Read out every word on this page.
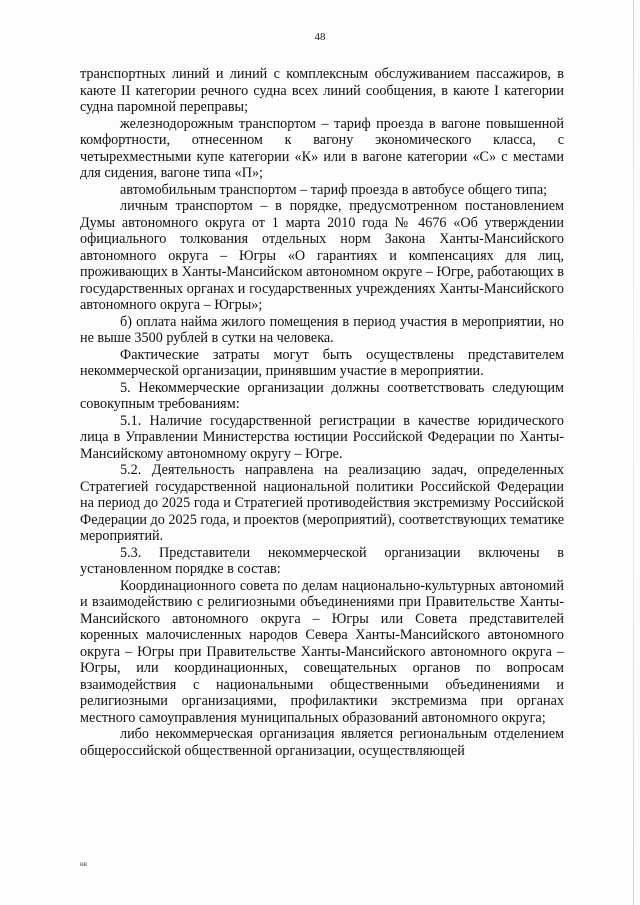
48

транспортных линий и линий с комплексным обслуживанием пассажиров, в каюте II категории речного судна всех линий сообщения, в каюте I категории судна паромной переправы;

железнодорожным транспортом – тариф проезда в вагоне повышенной комфортности, отнесенном к вагону экономического класса, с четырехместными купе категории «К» или в вагоне категории «С» с местами для сидения, вагоне типа «П»;

автомобильным транспортом – тариф проезда в автобусе общего типа;

личным транспортом – в порядке, предусмотренном постановлением Думы автономного округа от 1 марта 2010 года № 4676 «Об утверждении официального толкования отдельных норм Закона Ханты-Мансийского автономного округа – Югры «О гарантиях и компенсациях для лиц, проживающих в Ханты-Мансийском автономном округе – Югре, работающих в государственных органах и государственных учреждениях Ханты-Мансийского автономного округа – Югры»;

б) оплата найма жилого помещения в период участия в мероприятии, но не выше 3500 рублей в сутки на человека.

Фактические затраты могут быть осуществлены представителем некоммерческой организации, принявшим участие в мероприятии.

5. Некоммерческие организации должны соответствовать следующим совокупным требованиям:

5.1. Наличие государственной регистрации в качестве юридического лица в Управлении Министерства юстиции Российской Федерации по Ханты-Мансийскому автономному округу – Югре.

5.2. Деятельность направлена на реализацию задач, определенных Стратегией государственной национальной политики Российской Федерации на период до 2025 года и Стратегией противодействия экстремизму Российской Федерации до 2025 года, и проектов (мероприятий), соответствующих тематике мероприятий.

5.3. Представители некоммерческой организации включены в установленном порядке в состав:

Координационного совета по делам национально-культурных автономий и взаимодействию с религиозными объединениями при Правительстве Ханты-Мансийского автономного округа – Югры или Совета представителей коренных малочисленных народов Севера Ханты-Мансийского автономного округа – Югры при Правительстве Ханты-Мансийского автономного округа – Югры, или координационных, совещательных органов по вопросам взаимодействия с национальными общественными объединениями и религиозными организациями, профилактики экстремизма при органах местного самоуправления муниципальных образований автономного округа;

либо некоммерческая организация является региональным отделением общероссийской общественной организации, осуществляющей

нв
